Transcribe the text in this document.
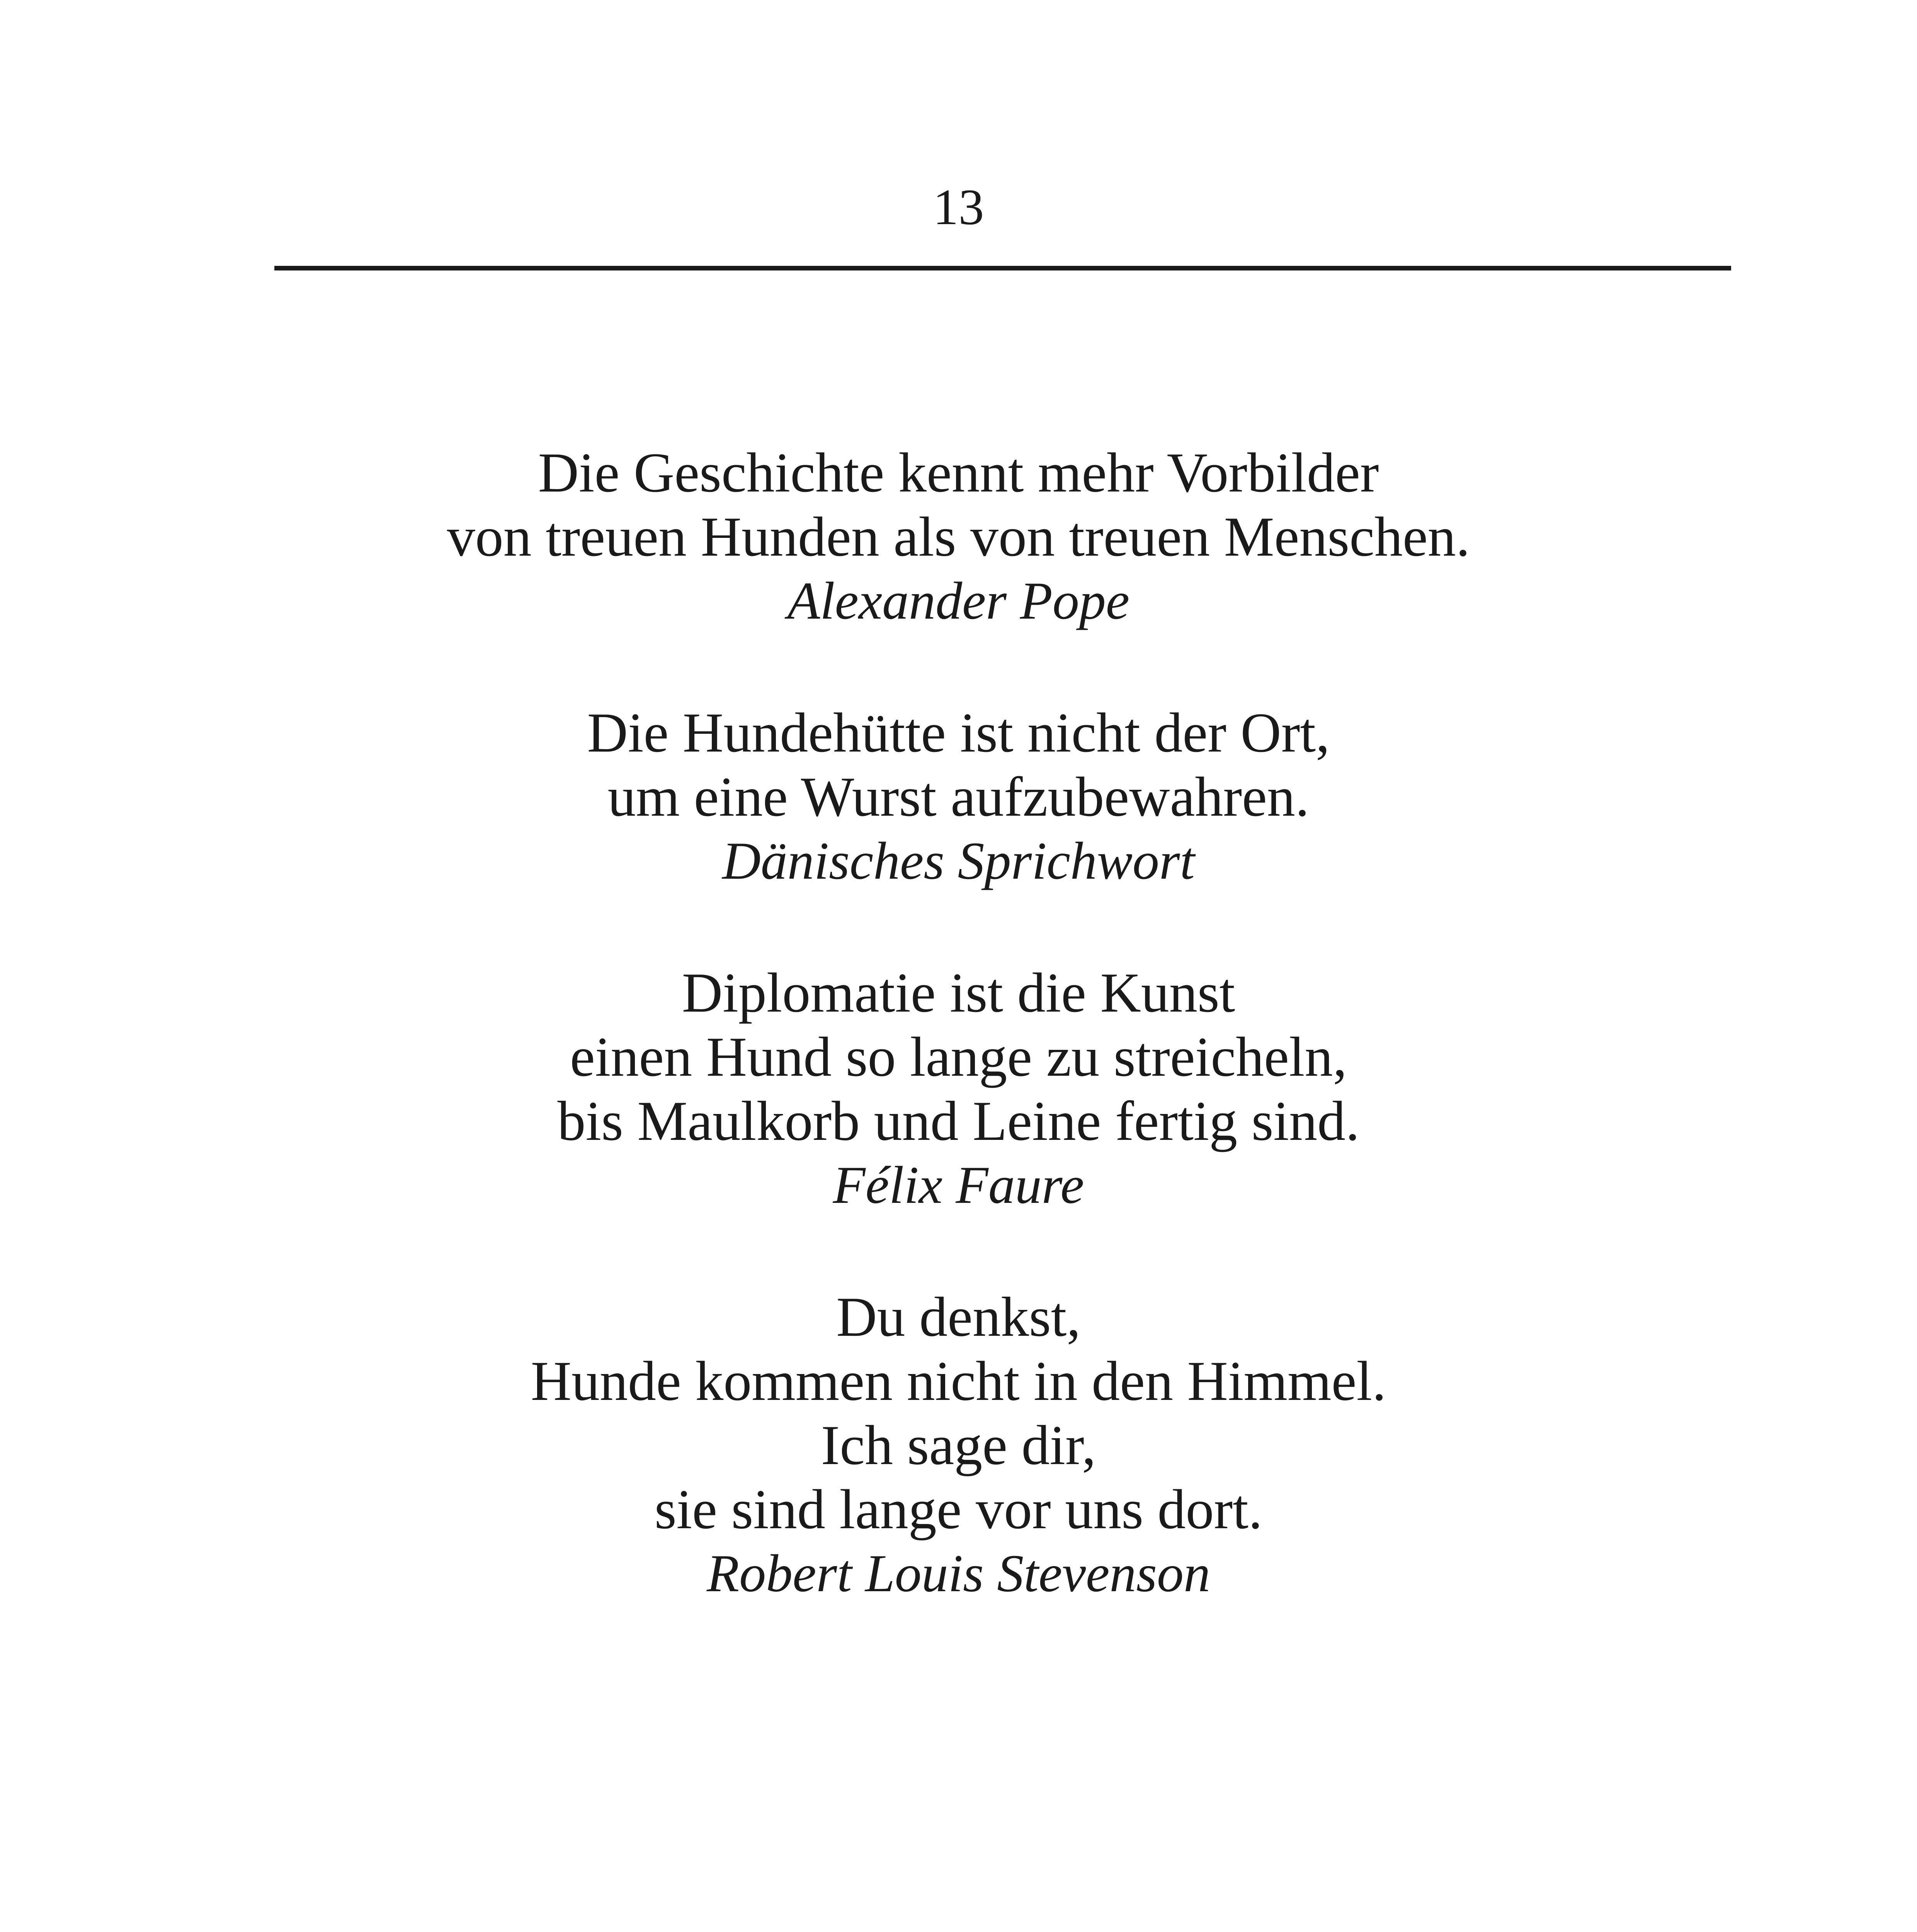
13
Die Geschichte kennt mehr Vorbilder
von treuen Hunden als von treuen Menschen.
Alexander Pope
Die Hundehütte ist nicht der Ort,
um eine Wurst aufzubewahren.
Dänisches Sprichwort
Diplomatie ist die Kunst
einen Hund so lange zu streicheln,
bis Maulkorb und Leine fertig sind.
Félix Faure
Du denkst,
Hunde kommen nicht in den Himmel.
Ich sage dir,
sie sind lange vor uns dort.
Robert Louis Stevenson
